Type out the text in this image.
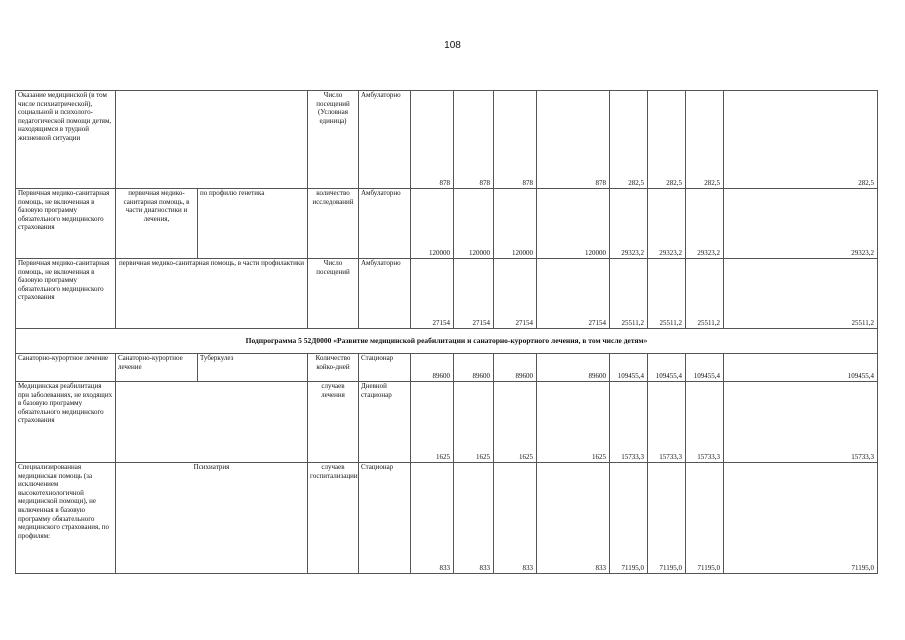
108
Оказание медицинской (в том числе психиатрической), социальной и психолого-педагогической помощи детям, находящимся в трудной жизненной ситуации			Число посещений (Условная единица)	Амбулаторно	878	878	878	878	282,5	282,5	282,5	282,5
Первичная медико-санитарная помощь, не включенная в базовую программу обязательного медицинского страхования	первичная медико-санитарная помощь, в части диагностики и лечения,	по профилю генетика	количество исследований	Амбулаторно	120000	120000	120000	120000	29323,2	29323,2	29323,2	29323,2
Первичная медико-санитарная помощь, не включенная в базовую программу обязательного медицинского страхования	первичная медико-санитарная помощь, в части профилактики		Число посещений	Амбулаторно	27154	27154	27154	27154	25511,2	25511,2	25511,2	25511,2
Подпрограмма 5 52Д0000 «Развитие медицинской реабилитации и санаторно-курортного лечения, в том числе детям»												
Санаторно-курортное лечение	Санаторно-курортное лечение	Туберкулез	Количество койко-дней	Стационар	89600	89600	89600	89600	109455,4	109455,4	109455,4	109455,4
Медицинская реабилитация при заболеваниях, не входящих в базовую программу обязательного медицинского страхования			случаев лечения	Дневной стационар	1625	1625	1625	1625	15733,3	15733,3	15733,3	15733,3
Специализированная медицинская помощь (за исключением высокотехнологичной медицинской помощи), не включенная в базовую программу обязательного медицинского страхования, по профилям:	Психиатрия		случаев госпитализации	Стационар	833	833	833	833	71195,0	71195,0	71195,0	71195,0
